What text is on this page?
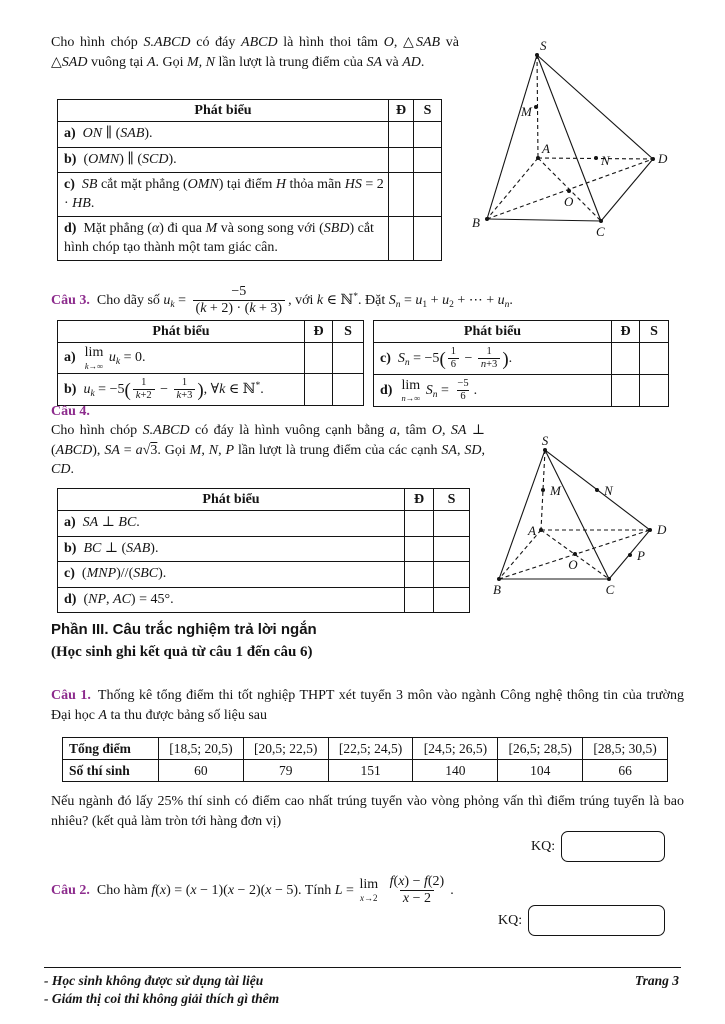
Cho hình chóp S.ABCD có đáy ABCD là hình thoi tâm O, △SAB và △SAD vuông tại A. Gọi M, N lần lượt là trung điểm của SA và AD.
S
M
A
N	D
O
B
C
Phát biểu	Đ	S
a) ON ∥ (SAB).		
b) (OMN) ∥ (SCD).		
c) SB cắt mặt phẳng (OMN) tại điểm H thỏa mãn HS = 2 · HB.		
d) Mặt phẳng (α) đi qua M và song song với (SBD) cắt hình chóp tạo thành một tam giác cân.		
Câu 3. Cho dãy số $u_k = \frac{-5}{(k + 2) \cdot (k + 3)}$ , với k ∈ ℕ*. Đặt $S_n = u_1 + u_2$ + ⋯ + $u_n$.
Phát biểu	Đ	S
a) lim
k→∞
$u_k = 0$.		
b) $u_k = -5( \frac{1}{k+2} - \frac{1}{k+3}$ ), ∀k ∈ ℕ*.		
Phát biểu	Đ	S
c) $S_n = -5( \frac{1}{6} - \frac{1}{n+3}$ ).		
d) lim
n→∞
$S_n = \frac{-5}{6}$ .		
Câu 4.
Cho hình chóp S.ABCD có đáy là hình vuông cạnh bằng a, tâm O, SA ⊥ (ABCD), SA = a√3. Gọi M, N, P lần lượt là trung điểm của các cạnh SA, SD, CD.
Phát biểu	Đ	S
a) SA ⊥ BC.		
b) BC ⊥ (SAB).		
c) (MNP)//(SBC).		
d) (NP, AC) = 45°.		
S
M	N
A	D
P
O
B	C
Phần III. Câu trắc nghiệm trả lời ngắn
(Học sinh ghi kết quả từ câu 1 đến câu 6)
Câu 1. Thống kê tổng điểm thi tốt nghiệp THPT xét tuyển 3 môn vào ngành Công nghệ thông tin của trường Đại học A ta thu được bảng số liệu sau
Tổng điểm	[18,5; 20,5)	[20,5; 22,5)	[22,5; 24,5)	[24,5; 26,5)	[26,5; 28,5)	[28,5; 30,5)
Số thí sinh	60	79	151	140	104	66
Nếu ngành đó lấy 25% thí sinh có điểm cao nhất trúng tuyển vào vòng phỏng vấn thì điểm trúng tuyển là bao nhiêu? (kết quả làm tròn tới hàng đơn vị)
KQ:
Câu 2. Cho hàm f(x) = (x − 1)(x − 2)(x − 5). Tính L = lim
x→2
$\frac{f(x) - f(2)}{x - 2}$ .
KQ:
- Học sinh không được sử dụng tài liệu
- Giám thị coi thi không giải thích gì thêm
Trang 3
